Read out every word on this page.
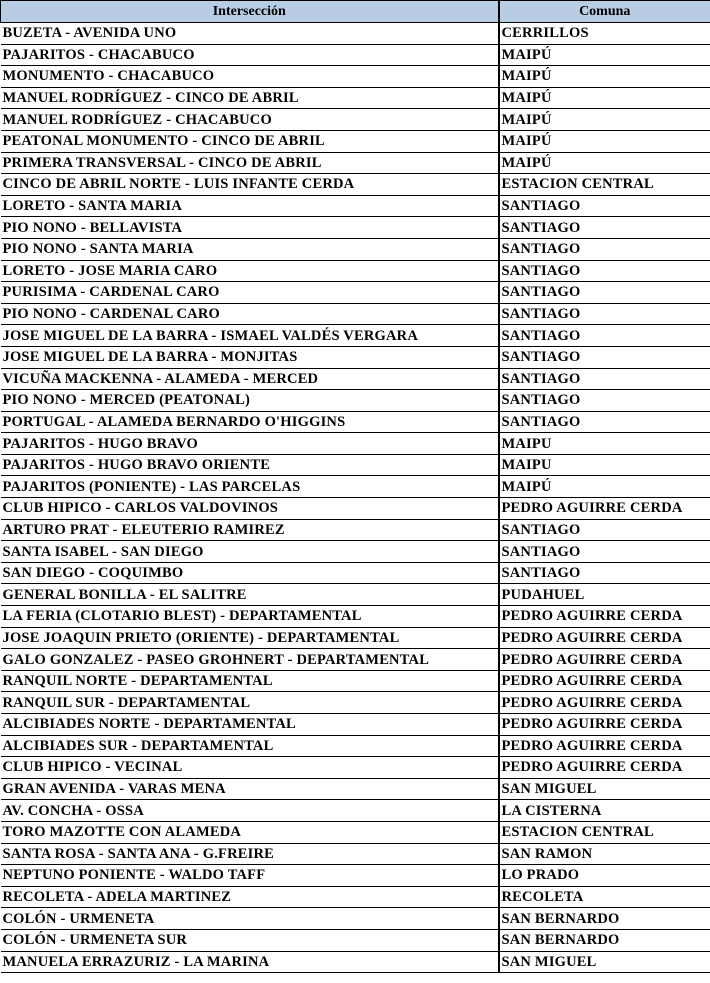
Intersección	Comuna
BUZETA - AVENIDA UNO	CERRILLOS
PAJARITOS - CHACABUCO	MAIPÚ
MONUMENTO - CHACABUCO	MAIPÚ
MANUEL RODRÍGUEZ - CINCO DE ABRIL	MAIPÚ
MANUEL RODRÍGUEZ - CHACABUCO	MAIPÚ
PEATONAL MONUMENTO - CINCO DE ABRIL	MAIPÚ
PRIMERA TRANSVERSAL - CINCO DE ABRIL	MAIPÚ
CINCO DE ABRIL NORTE - LUIS INFANTE CERDA	ESTACION CENTRAL
LORETO - SANTA MARIA	SANTIAGO
PIO NONO - BELLAVISTA	SANTIAGO
PIO NONO - SANTA MARIA	SANTIAGO
LORETO - JOSE MARIA CARO	SANTIAGO
PURISIMA - CARDENAL CARO	SANTIAGO
PIO NONO - CARDENAL CARO	SANTIAGO
JOSE MIGUEL DE LA BARRA - ISMAEL VALDÉS VERGARA	SANTIAGO
JOSE MIGUEL DE LA BARRA - MONJITAS	SANTIAGO
VICUÑA MACKENNA - ALAMEDA - MERCED	SANTIAGO
PIO NONO - MERCED (PEATONAL)	SANTIAGO
PORTUGAL - ALAMEDA BERNARDO O'HIGGINS	SANTIAGO
PAJARITOS - HUGO BRAVO	MAIPU
PAJARITOS - HUGO BRAVO ORIENTE	MAIPU
PAJARITOS (PONIENTE) - LAS PARCELAS	MAIPÚ
CLUB HIPICO - CARLOS VALDOVINOS	PEDRO AGUIRRE CERDA
ARTURO PRAT - ELEUTERIO RAMIREZ	SANTIAGO
SANTA ISABEL - SAN DIEGO	SANTIAGO
SAN DIEGO - COQUIMBO	SANTIAGO
GENERAL BONILLA - EL SALITRE	PUDAHUEL
LA FERIA (CLOTARIO BLEST) - DEPARTAMENTAL	PEDRO AGUIRRE CERDA
JOSE JOAQUIN PRIETO (ORIENTE) - DEPARTAMENTAL	PEDRO AGUIRRE CERDA
GALO GONZALEZ - PASEO GROHNERT - DEPARTAMENTAL	PEDRO AGUIRRE CERDA
RANQUIL NORTE - DEPARTAMENTAL	PEDRO AGUIRRE CERDA
RANQUIL SUR - DEPARTAMENTAL	PEDRO AGUIRRE CERDA
ALCIBIADES NORTE - DEPARTAMENTAL	PEDRO AGUIRRE CERDA
ALCIBIADES SUR - DEPARTAMENTAL	PEDRO AGUIRRE CERDA
CLUB HIPICO - VECINAL	PEDRO AGUIRRE CERDA
GRAN AVENIDA - VARAS MENA	SAN MIGUEL
AV. CONCHA - OSSA	LA CISTERNA
TORO MAZOTTE CON ALAMEDA	ESTACION CENTRAL
SANTA ROSA - SANTA ANA - G.FREIRE	SAN RAMON
NEPTUNO PONIENTE - WALDO TAFF	LO PRADO
RECOLETA - ADELA MARTINEZ	RECOLETA
COLÓN - URMENETA	SAN BERNARDO
COLÓN - URMENETA SUR	SAN BERNARDO
MANUELA ERRAZURIZ - LA MARINA	SAN MIGUEL
